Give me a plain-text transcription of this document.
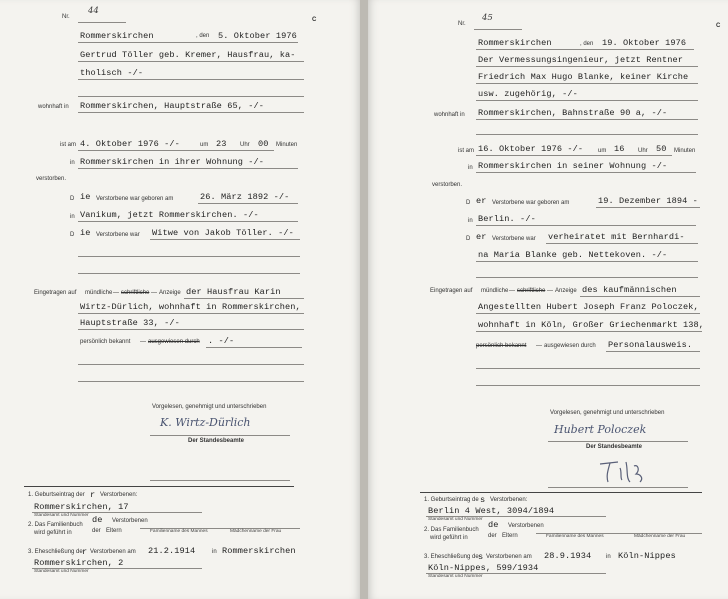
Nr.
44
C
Rommerskirchen	, den 5. Oktober 1976
Gertrud Töller geb. Kremer, Hausfrau, ka-
tholisch -/-
wohnhaft in Rommerskirchen, Hauptstraße 65, -/-
ist am 4. Oktober 1976 -/-	um 23 Uhr 00 Minuten
in Rommerskirchen in ihrer Wohnung -/-
verstorben.
D ie Verstorbene war geboren am	26. März 1892 -/-
in Vanikum, jetzt Rommerskirchen. -/-
D ie Verstorbene war Witwe von Jakob Töller. -/-
Eingetragen auf mündliche — schriftliche — Anzeige der Hausfrau Karin
Wirtz-Dürlich, wohnhaft in Rommerskirchen,
Hauptstraße 33, -/-
persönlich bekannt — ausgewiesen durch . -/-
Vorgelesen, genehmigt und unterschrieben
K. Wirtz-Dürlich
Der Standesbeamte
1. Geburtseintrag der r Verstorbenen:
Rommerskirchen, 17
Standesamt und Nummer
2. Das Familienbuch
wird geführt in
de Verstorbenen
der Eltern	Familienname des Mannes	Mädchenname der Frau
3. Eheschließung de r Verstorbenen am 21.2.1914	in Rommerskirchen
Rommerskirchen, 2
Standesamt und Nummer
Nr.
45
C
Rommerskirchen	, den 19. Oktober 1976
Der Vermessungsingenieur, jetzt Rentner
Friedrich Max Hugo Blanke, keiner Kirche
usw. zugehörig, -/-
wohnhaft in Rommerskirchen, Bahnstraße 90 a, -/-
ist am 16. Oktober 1976 -/- um 16 Uhr 50 Minuten
in Rommerskirchen in seiner Wohnung -/-
verstorben.
D er Verstorbene war geboren am	19. Dezember 1894 -
in Berlin. -/-
D er Verstorbene war verheiratet mit Bernhardi-
na Maria Blanke geb. Nettekoven. -/-
Eingetragen auf mündliche — schriftliche — Anzeige des kaufmännischen
Angestellten Hubert Joseph Franz Poloczek,
wohnhaft in Köln, Großer Griechenmarkt 138,
persönlich bekannt — ausgewiesen durch Personalausweis.
Vorgelesen, genehmigt und unterschrieben
Hubert Poloczek
Der Standesbeamte
1. Geburtseintrag de s Verstorbenen:
Berlin 4 West, 3094/1894
Standesamt und Nummer
2. Das Familienbuch
wird geführt in
de Verstorbenen
der Eltern	Familienname des Mannes	Mädchenname der Frau
3. Eheschließung de s Verstorbenen am 28.9.1934 in Köln-Nippes
Köln-Nippes, 599/1934
Standesamt und Nummer
